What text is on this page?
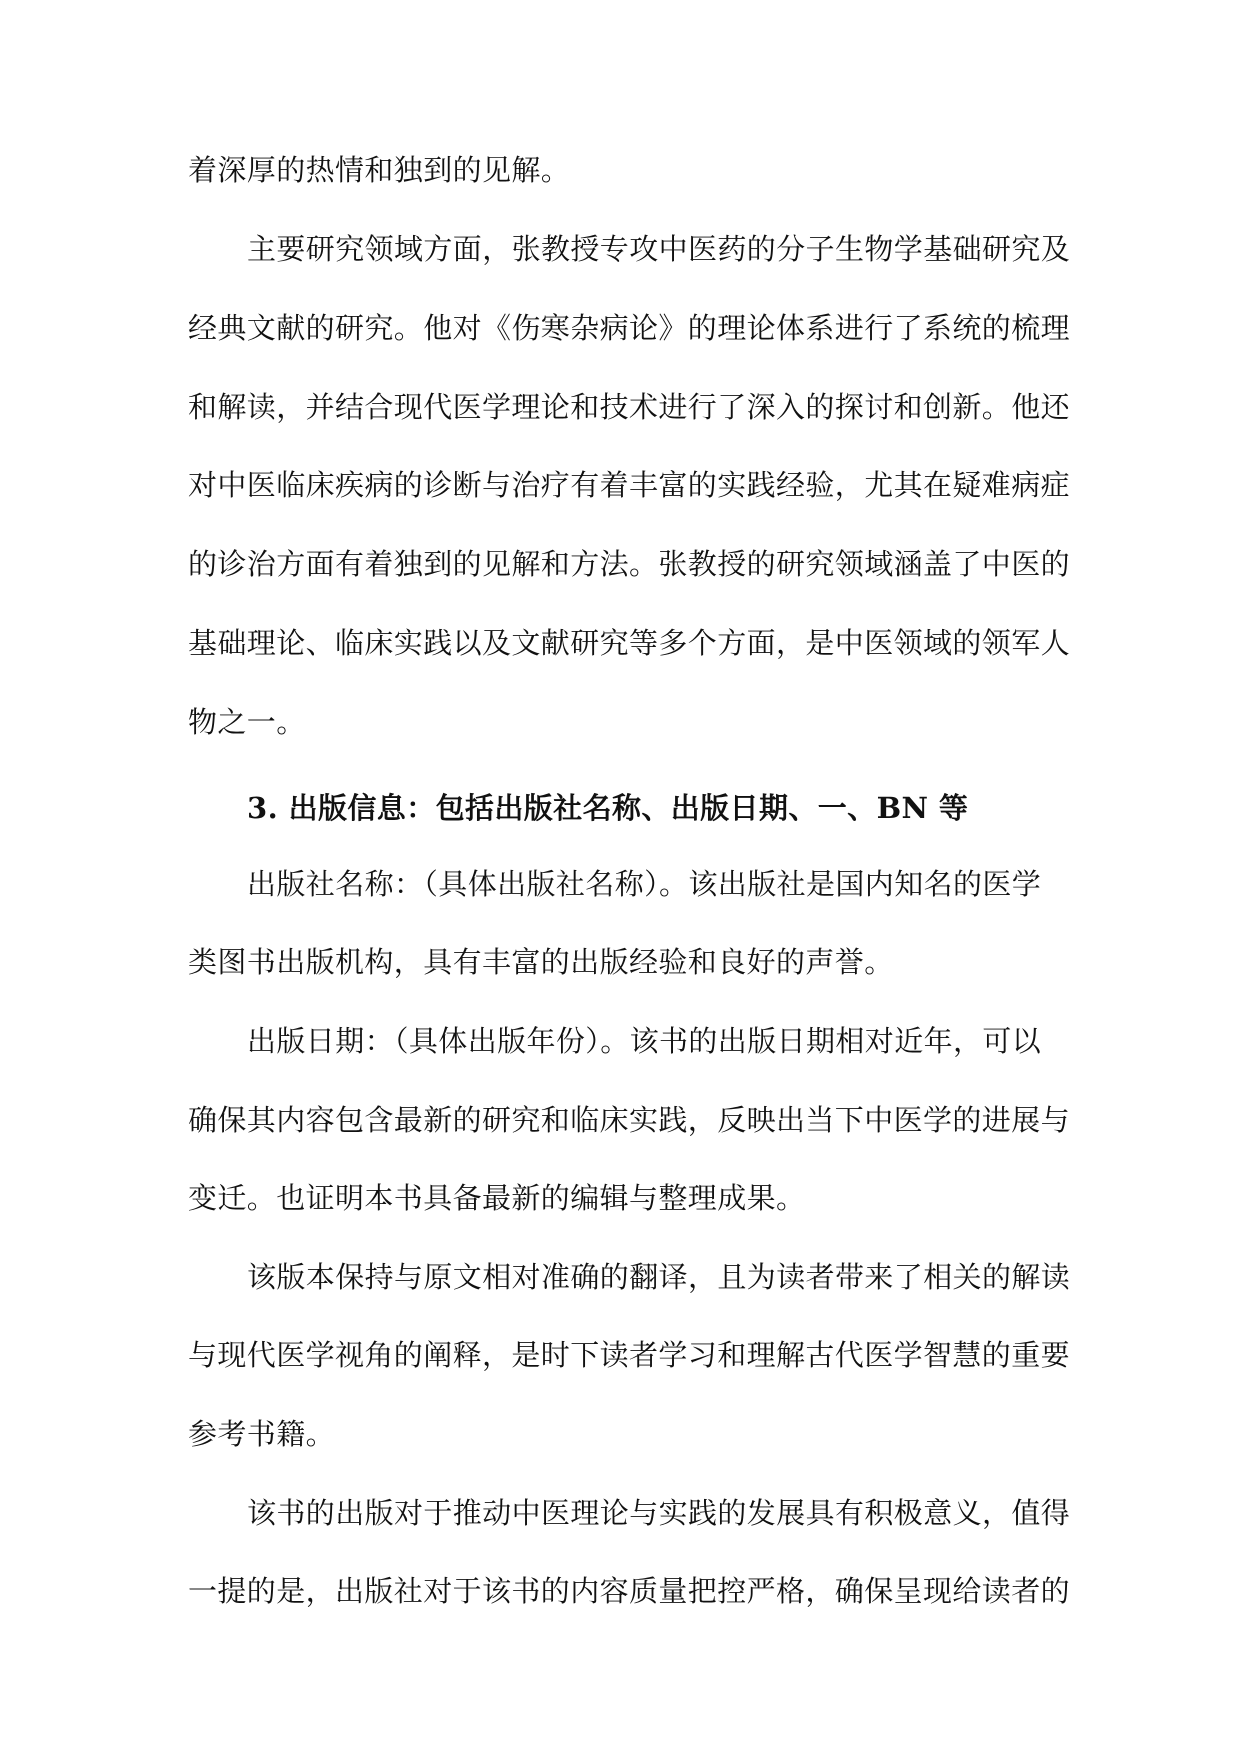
着深厚的热情和独到的见解。

主要研究领域方面，张教授专攻中医药的分子生物学基础研究及

经典文献的研究。他对《伤寒杂病论》的理论体系进行了系统的梳理

和解读，并结合现代医学理论和技术进行了深入的探讨和创新。他还

对中医临床疾病的诊断与治疗有着丰富的实践经验，尤其在疑难病症

的诊治方面有着独到的见解和方法。张教授的研究领域涵盖了中医的

基础理论、临床实践以及文献研究等多个方面，是中医领域的领军人

物之一。

3. 出版信息：包括出版社名称、出版日期、一、BN 等

出版社名称：（具体出版社名称）。该出版社是国内知名的医学

类图书出版机构，具有丰富的出版经验和良好的声誉。

出版日期：（具体出版年份）。该书的出版日期相对近年，可以

确保其内容包含最新的研究和临床实践，反映出当下中医学的进展与

变迁。也证明本书具备最新的编辑与整理成果。

该版本保持与原文相对准确的翻译，且为读者带来了相关的解读

与现代医学视角的阐释，是时下读者学习和理解古代医学智慧的重要

参考书籍。

该书的出版对于推动中医理论与实践的发展具有积极意义，值得

一提的是，出版社对于该书的内容质量把控严格，确保呈现给读者的
